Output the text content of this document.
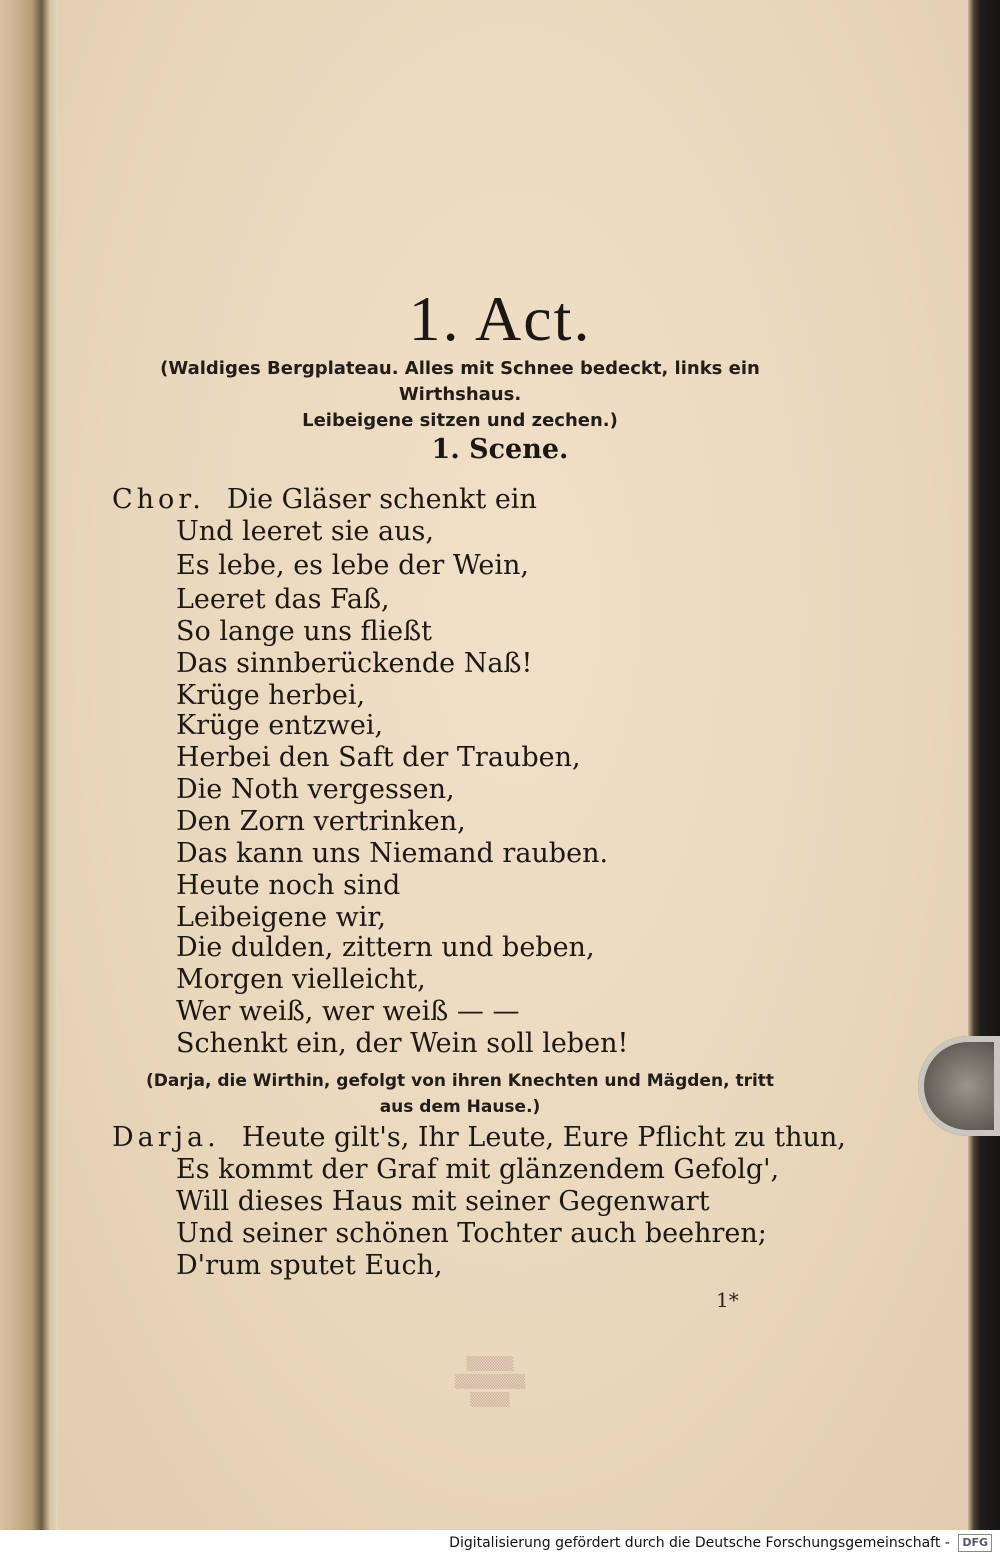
1. Act.
(Waldiges Bergplateau. Alles mit Schnee bedeckt, links ein Wirthshaus.
Leibeigene sitzen und zechen.)
1. Scene.
Chor. Die Gläser schenkt ein
Und leeret sie aus,
Es lebe, es lebe der Wein,
Leeret das Faß,
So lange uns fließt
Das sinnberückende Naß!
Krüge herbei,
Krüge entzwei,
Herbei den Saft der Trauben,
Die Noth vergessen,
Den Zorn vertrinken,
Das kann uns Niemand rauben.
Heute noch sind
Leibeigene wir,
Die dulden, zittern und beben,
Morgen vielleicht,
Wer weiß, wer weiß — —
Schenkt ein, der Wein soll leben!
(Darja, die Wirthin, gefolgt von ihren Knechten und Mägden, tritt
aus dem Hause.)
Darja. Heute gilt's, Ihr Leute, Eure Pflicht zu thun,
Es kommt der Graf mit glänzendem Gefolg',
Will dieses Haus mit seiner Gegenwart
Und seiner schönen Tochter auch beehren;
D'rum sputet Euch,
1*
▒▒▒▒▒▒
▒▒▒▒▒▒▒▒▒
▒▒▒▒▒
Digitalisierung gefördert durch die Deutsche Forschungsgemeinschaft - DFG
